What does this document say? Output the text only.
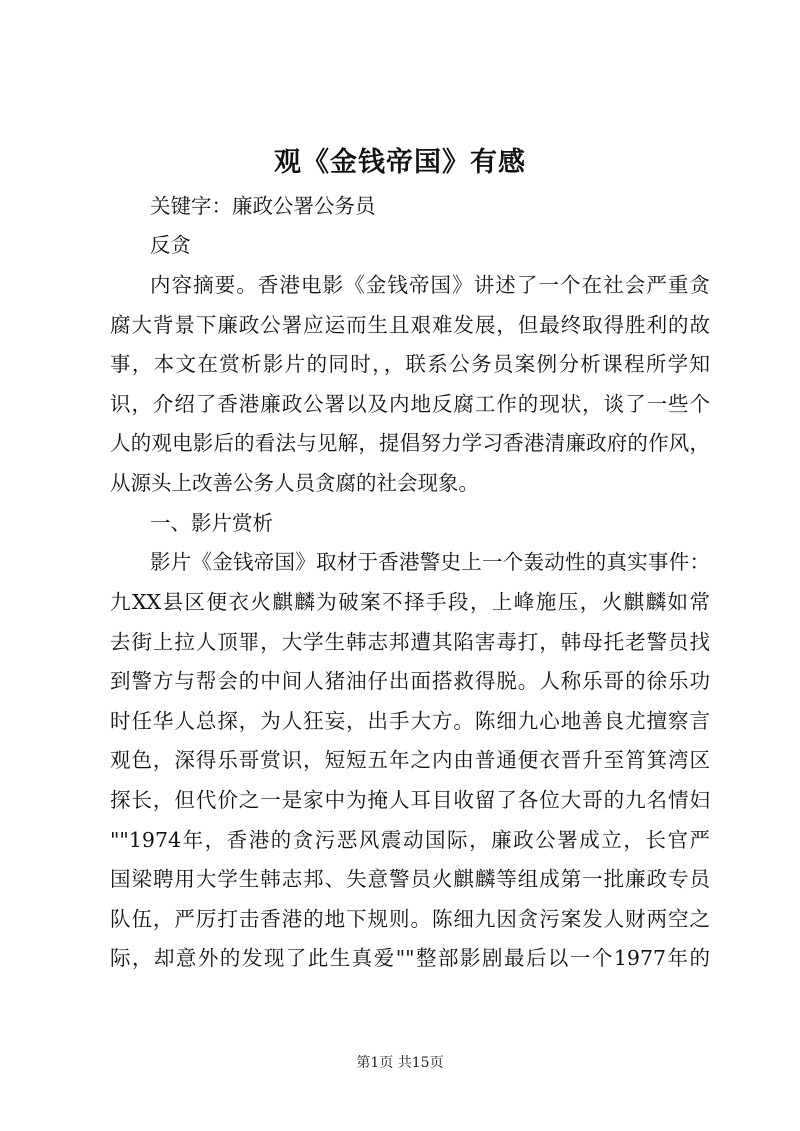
观《金钱帝国》有感
关键字：廉政公署公务员
反贪
内容摘要。香港电影《金钱帝国》讲述了一个在社会严重贪
腐大背景下廉政公署应运而生且艰难发展，但最终取得胜利的故
事，本文在赏析影片的同时，，联系公务员案例分析课程所学知
识，介绍了香港廉政公署以及内地反腐工作的现状，谈了一些个
人的观电影后的看法与见解，提倡努力学习香港清廉政府的作风，
从源头上改善公务人员贪腐的社会现象。
一、影片赏析
影片《金钱帝国》取材于香港警史上一个轰动性的真实事件：
九XX县区便衣火麒麟为破案不择手段，上峰施压，火麒麟如常
去街上拉人顶罪，大学生韩志邦遭其陷害毒打，韩母托老警员找
到警方与帮会的中间人猪油仔出面搭救得脱。人称乐哥的徐乐功
时任华人总探，为人狂妄，出手大方。陈细九心地善良尤擅察言
观色，深得乐哥赏识，短短五年之内由普通便衣晋升至筲箕湾区
探长，但代价之一是家中为掩人耳目收留了各位大哥的九名情妇
""1974年，香港的贪污恶风震动国际，廉政公署成立，长官严
国梁聘用大学生韩志邦、失意警员火麒麟等组成第一批廉政专员
队伍，严厉打击香港的地下规则。陈细九因贪污案发人财两空之
际，却意外的发现了此生真爱""整部影剧最后以一个1977年的
第1页 共15页
